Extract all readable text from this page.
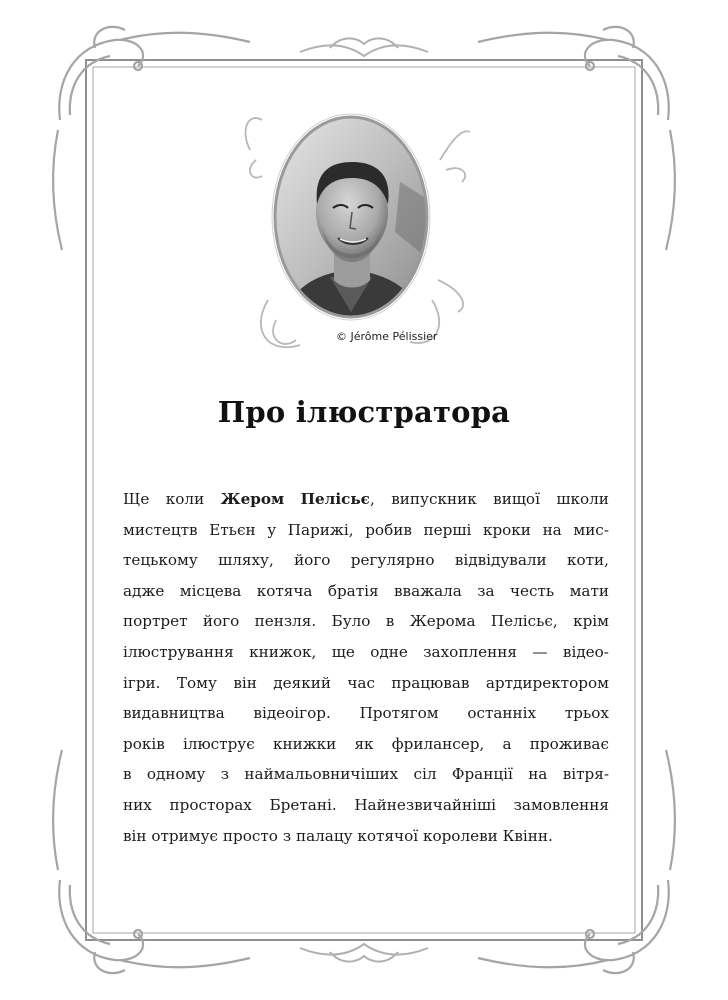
© Jérôme Pélissier
Про ілюстратора
Ще коли Жером Пелісьє, випускник вищої школи
мистецтв Етьєн у Парижі, робив перші кроки на мис-
тецькому шляху, його регулярно відвідували коти,
адже місцева котяча братія вважала за честь мати
портрет його пензля. Було в Жерома Пелісьє, крім
ілюстрування книжок, ще одне захоплення — відео-
ігри. Тому він деякий час працював артдиректором
видавництва відеоігор. Протягом останніх трьох
років ілюструє книжки як фрилансер, а проживає
в одному з наймальовничіших сіл Франції на вітря-
них просторах Бретані. Найнезвичайніші замовлення
він отримує просто з палацу котячої королеви Квінн.
